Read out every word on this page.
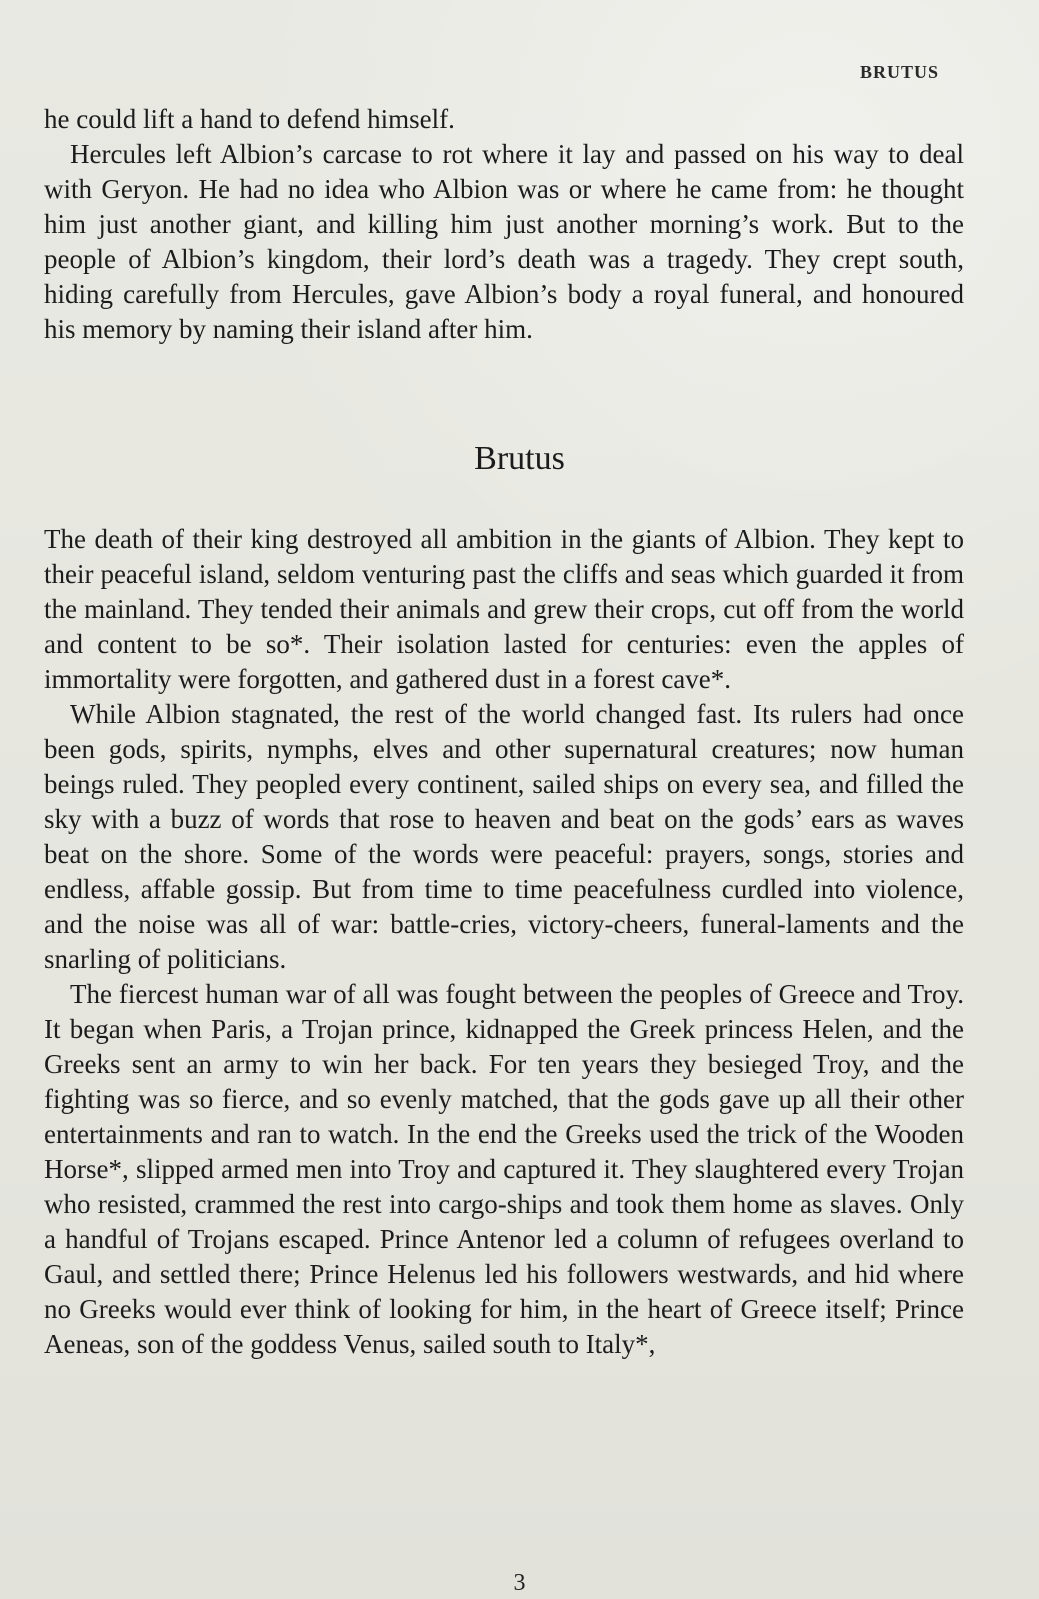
BRUTUS

he could lift a hand to defend himself.

Hercules left Albion’s carcase to rot where it lay and passed on his way to deal with Geryon. He had no idea who Albion was or where he came from: he thought him just another giant, and killing him just another morning’s work. But to the people of Albion’s kingdom, their lord’s death was a tragedy. They crept south, hiding carefully from Hercules, gave Albion’s body a royal funeral, and honoured his memory by naming their island after him.

Brutus

The death of their king destroyed all ambition in the giants of Albion. They kept to their peaceful island, seldom venturing past the cliffs and seas which guarded it from the mainland. They tended their animals and grew their crops, cut off from the world and content to be so*. Their isolation lasted for centuries: even the apples of immortality were forgotten, and gathered dust in a forest cave*.

While Albion stagnated, the rest of the world changed fast. Its rulers had once been gods, spirits, nymphs, elves and other supernatural creatures; now human beings ruled. They peopled every continent, sailed ships on every sea, and filled the sky with a buzz of words that rose to heaven and beat on the gods’ ears as waves beat on the shore. Some of the words were peaceful: prayers, songs, stories and endless, affable gossip. But from time to time peacefulness curdled into violence, and the noise was all of war: battle-cries, victory-cheers, funeral-laments and the snarling of politicians.

The fiercest human war of all was fought between the peoples of Greece and Troy. It began when Paris, a Trojan prince, kidnapped the Greek princess Helen, and the Greeks sent an army to win her back. For ten years they besieged Troy, and the fighting was so fierce, and so evenly matched, that the gods gave up all their other entertainments and ran to watch. In the end the Greeks used the trick of the Wooden Horse*, slipped armed men into Troy and captured it. They slaughtered every Trojan who resisted, crammed the rest into cargo-ships and took them home as slaves. Only a handful of Trojans escaped. Prince Antenor led a column of refugees overland to Gaul, and settled there; Prince Helenus led his followers westwards, and hid where no Greeks would ever think of looking for him, in the heart of Greece itself; Prince Aeneas, son of the goddess Venus, sailed south to Italy*,

3
